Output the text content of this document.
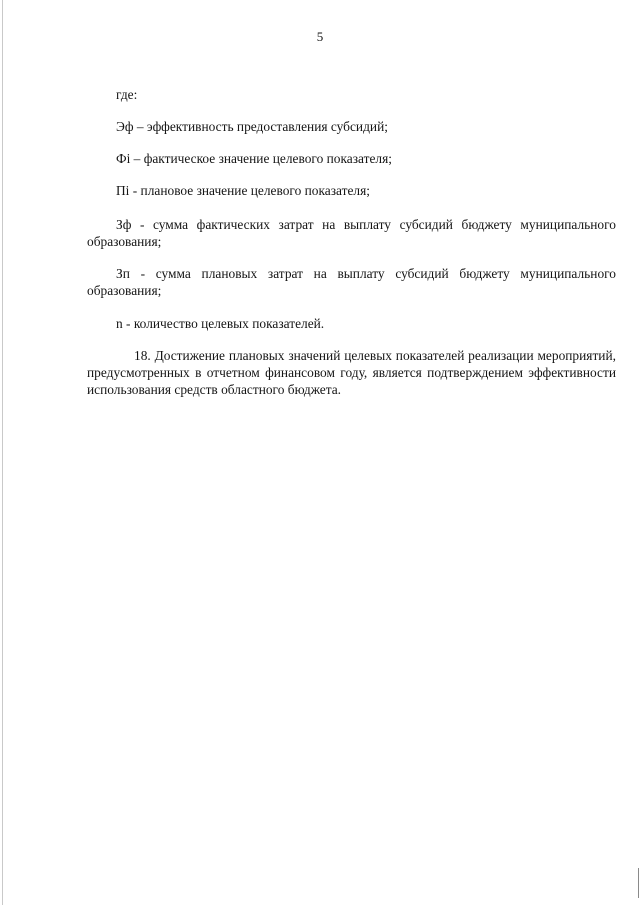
5
где:
Эф – эффективность предоставления субсидий;
Фi – фактическое значение целевого показателя;
Пi - плановое значение целевого показателя;
Зф - сумма фактических затрат на выплату субсидий бюджету муниципального образования;
Зп - сумма плановых затрат на выплату субсидий бюджету муниципального образования;
n - количество целевых показателей.
18. Достижение плановых значений целевых показателей реализации мероприятий, предусмотренных в отчетном финансовом году, является подтверждением эффективности использования средств областного бюджета.
